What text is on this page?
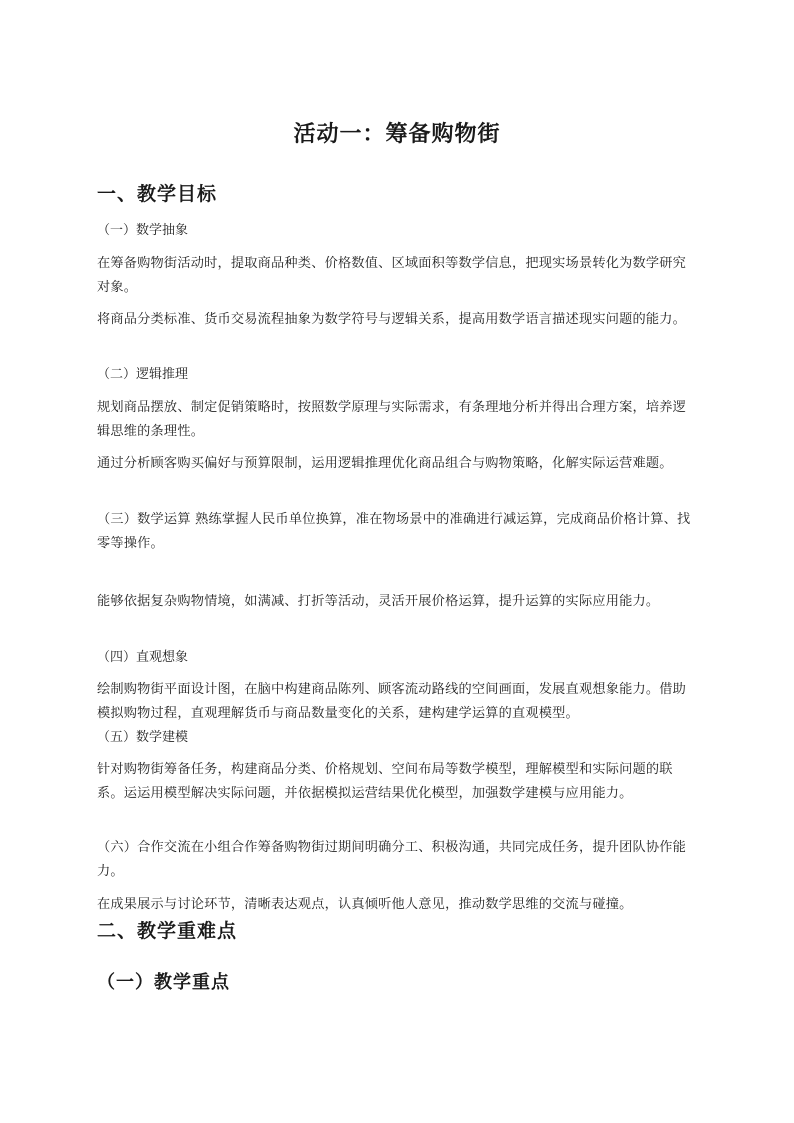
活动一：筹备购物街
一、教学目标
（一）数学抽象
在筹备购物街活动时，提取商品种类、价格数值、区域面积等数学信息，把现实场景转化为数学研究对象。
将商品分类标准、货币交易流程抽象为数学符号与逻辑关系，提高用数学语言描述现实问题的能力。
（二）逻辑推理
规划商品摆放、制定促销策略时，按照数学原理与实际需求，有条理地分析并得出合理方案，培养逻辑思维的条理性。
通过分析顾客购买偏好与预算限制，运用逻辑推理优化商品组合与购物策略，化解实际运营难题。
（三）数学运算 熟练掌握人民币单位换算，准在物场景中的准确进行减运算，完成商品价格计算、找零等操作。
能够依据复杂购物情境，如满减、打折等活动，灵活开展价格运算，提升运算的实际应用能力。
（四）直观想象
绘制购物街平面设计图，在脑中构建商品陈列、顾客流动路线的空间画面，发展直观想象能力。借助模拟购物过程，直观理解货币与商品数量变化的关系，建构建学运算的直观模型。
（五）数学建模
针对购物街筹备任务，构建商品分类、价格规划、空间布局等数学模型，理解模型和实际问题的联系。运运用模型解决实际问题，并依据模拟运营结果优化模型，加强数学建模与应用能力。
（六）合作交流在小组合作筹备购物街过期间明确分工、积极沟通，共同完成任务，提升团队协作能力。
在成果展示与讨论环节，清晰表达观点，认真倾听他人意见，推动数学思维的交流与碰撞。
二、教学重难点
（一）教学重点
